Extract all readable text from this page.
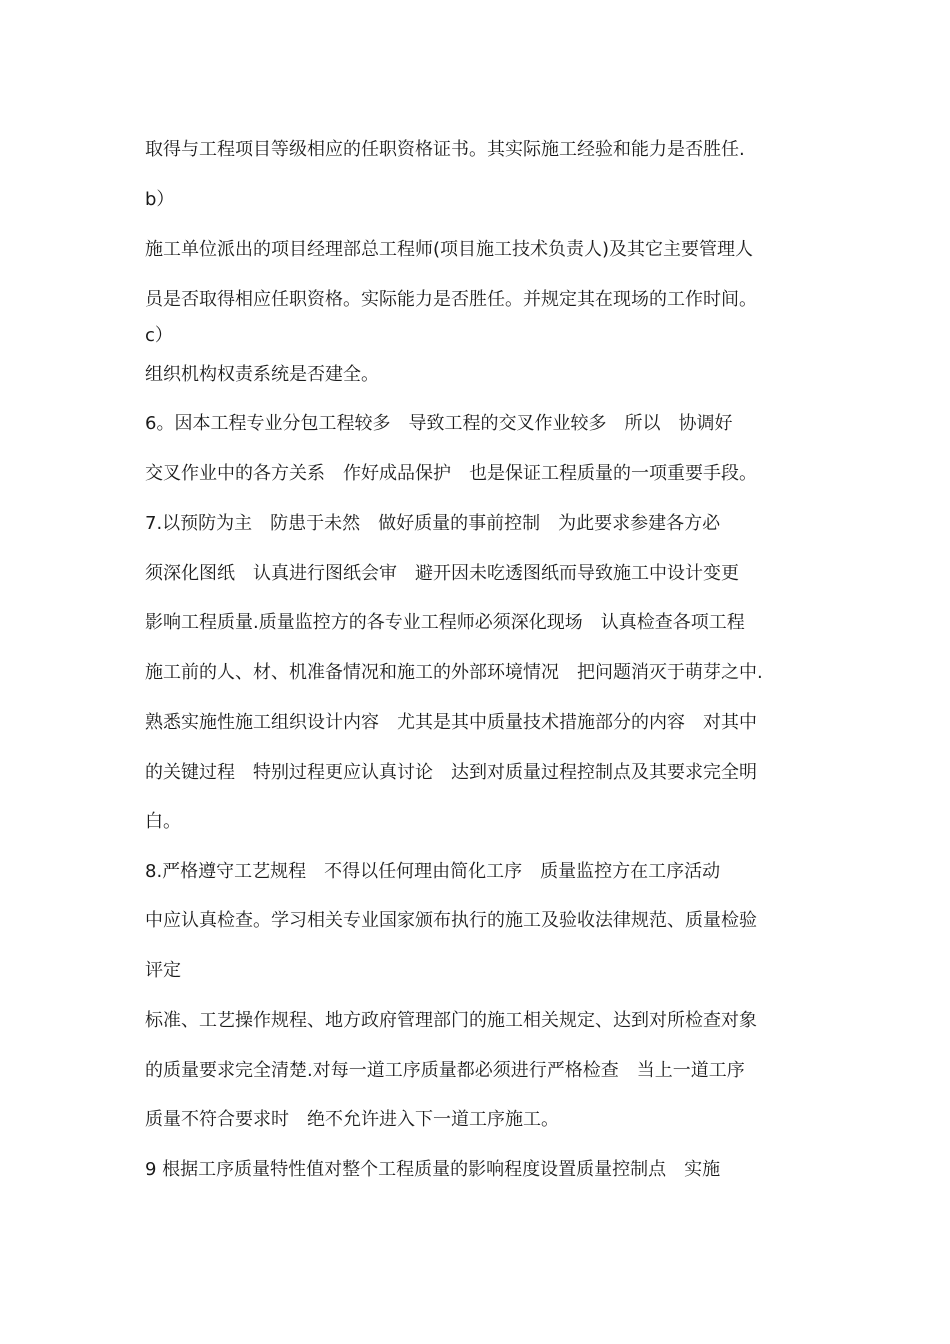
取得与工程项目等级相应的任职资格证书。其实际施工经验和能力是否胜任.
b）
施工单位派出的项目经理部总工程师(项目施工技术负责人)及其它主要管理人
员是否取得相应任职资格。实际能力是否胜任。并规定其在现场的工作时间。
c）
组织机构权责系统是否建全。
6。因本工程专业分包工程较多　导致工程的交叉作业较多　所以　协调好
交叉作业中的各方关系　作好成品保护　也是保证工程质量的一项重要手段。
7.以预防为主　防患于未然　做好质量的事前控制　为此要求参建各方必
须深化图纸　认真进行图纸会审　避开因未吃透图纸而导致施工中设计变更
影响工程质量.质量监控方的各专业工程师必须深化现场　认真检查各项工程
施工前的人、材、机准备情况和施工的外部环境情况　把问题消灭于萌芽之中.
熟悉实施性施工组织设计内容　尤其是其中质量技术措施部分的内容　对其中
的关键过程　特别过程更应认真讨论　达到对质量过程控制点及其要求完全明
白。
8.严格遵守工艺规程　不得以任何理由简化工序　质量监控方在工序活动
中应认真检查。学习相关专业国家颁布执行的施工及验收法律规范、质量检验
评定
标准、工艺操作规程、地方政府管理部门的施工相关规定、达到对所检查对象
的质量要求完全清楚.对每一道工序质量都必须进行严格检查　当上一道工序
质量不符合要求时　绝不允许进入下一道工序施工。
9 根据工序质量特性值对整个工程质量的影响程度设置质量控制点　实施
